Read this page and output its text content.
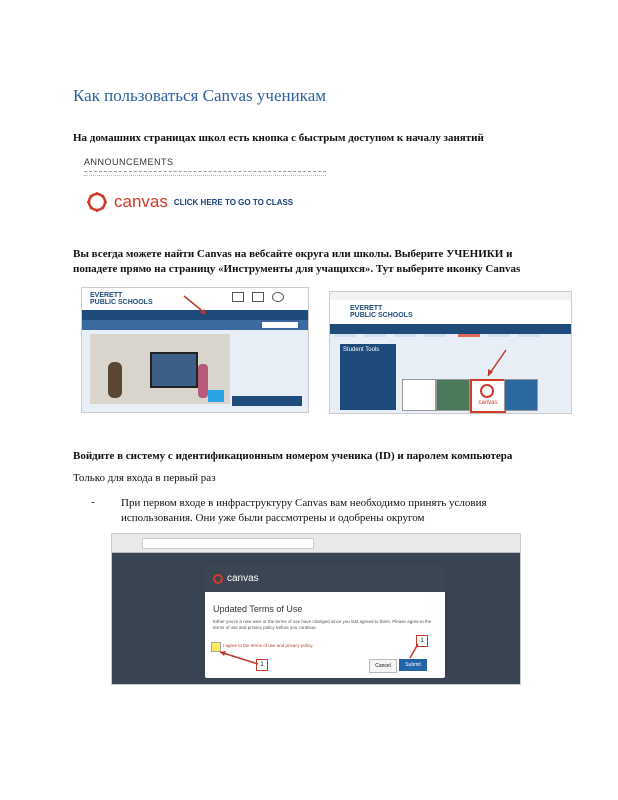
Как пользоваться Canvas ученикам
На домашних страницах школ есть кнопка с быстрым доступом к началу занятий
ANNOUNCEMENTS
canvas CLICK HERE TO GO TO CLASS
Вы всегда можете найти Canvas на вебсайте округа или школы. Выберите УЧЕНИКИ и попадете прямо на страницу «Инструменты для учащихся». Тут выберите иконку Canvas
EVERETT
PUBLIC SCHOOLS
EVERETT
PUBLIC SCHOOLS

Student Tools
canvas
Войдите в систему с идентификационным номером ученика (ID) и паролем компьютера
Только для входа в первый раз
- При первом входе в инфраструктуру Canvas вам необходимо принять условия использования. Они уже были рассмотрены и одобрены округом
canvas
Updated Terms of Use
Either you're a new user or the terms of use have changed since you last agreed to them. Please agree to the terms of use and privacy policy before you continue.
I agree to the terms of use and privacy policy.
Cancel	Submit
1
1
